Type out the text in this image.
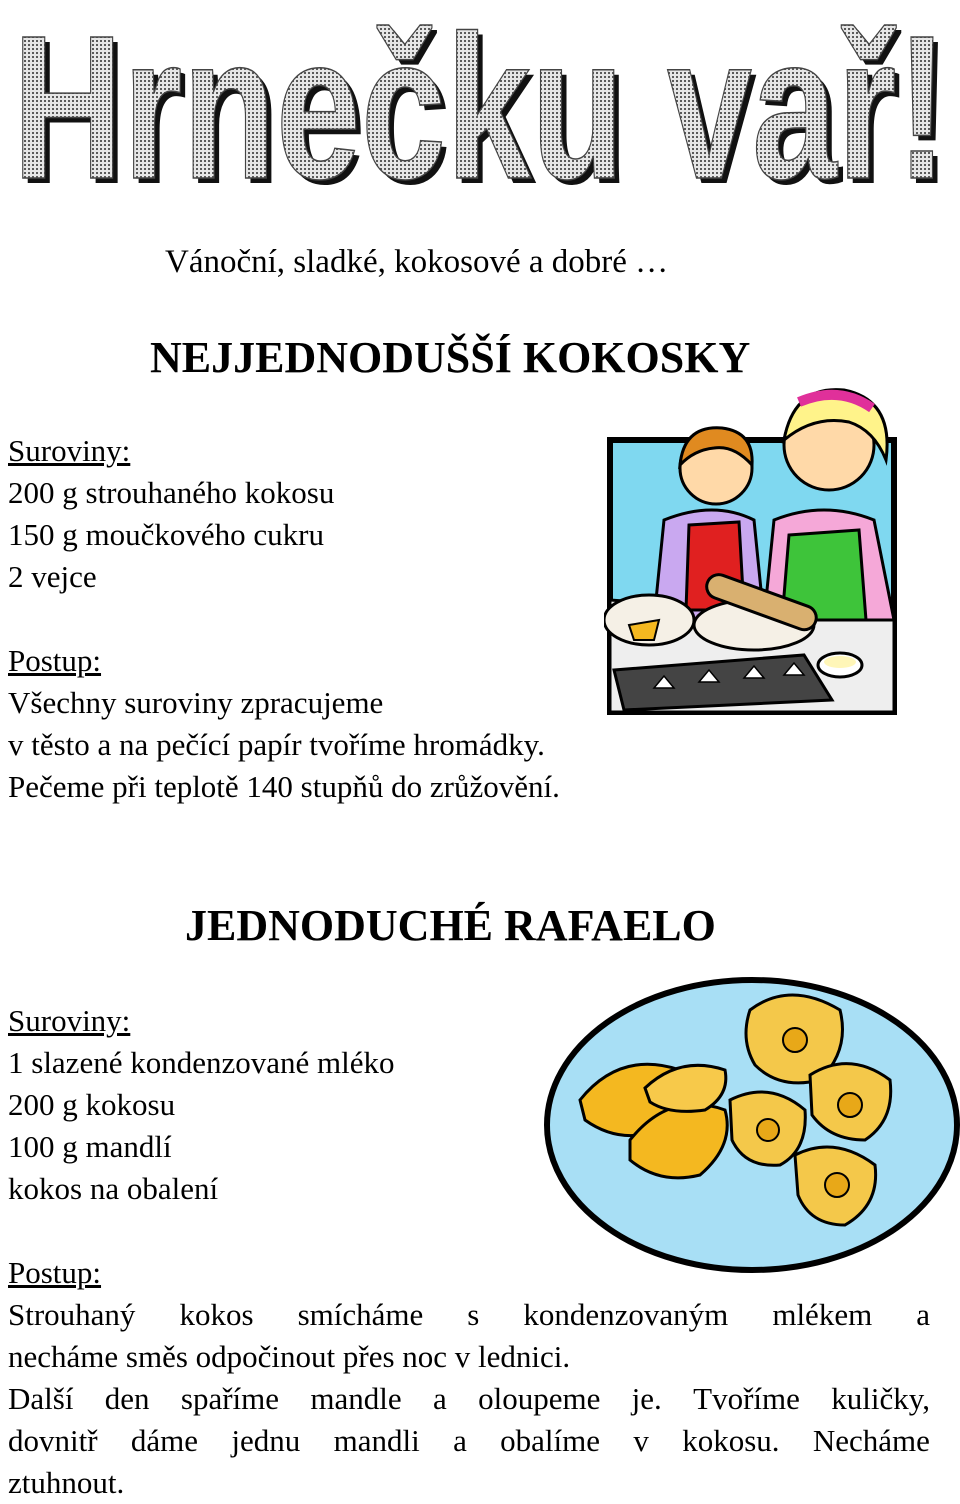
Hrnečku vař!
Hrnečku vař!
Vánoční, sladké, kokosové a dobré …
NEJJEDNODUŠŠÍ KOKOSKY
Suroviny:
200 g strouhaného kokosu
150 g moučkového cukru
2 vejce
Postup:
Všechny suroviny zpracujeme
v těsto a na pečící papír tvoříme hromádky.
Pečeme při teplotě 140 stupňů do zrůžovění.
JEDNODUCHÉ RAFAELO
Suroviny:
1 slazené kondenzované mléko
200 g kokosu
100 g mandlí
kokos na obalení
Postup:
Strouhaný kokos smícháme s kondenzovaným mlékem a
necháme směs odpočinout přes noc v lednici.
Další den spaříme mandle a oloupeme je. Tvoříme kuličky,
dovnitř dáme jednu mandli a obalíme v kokosu. Necháme
ztuhnout.
